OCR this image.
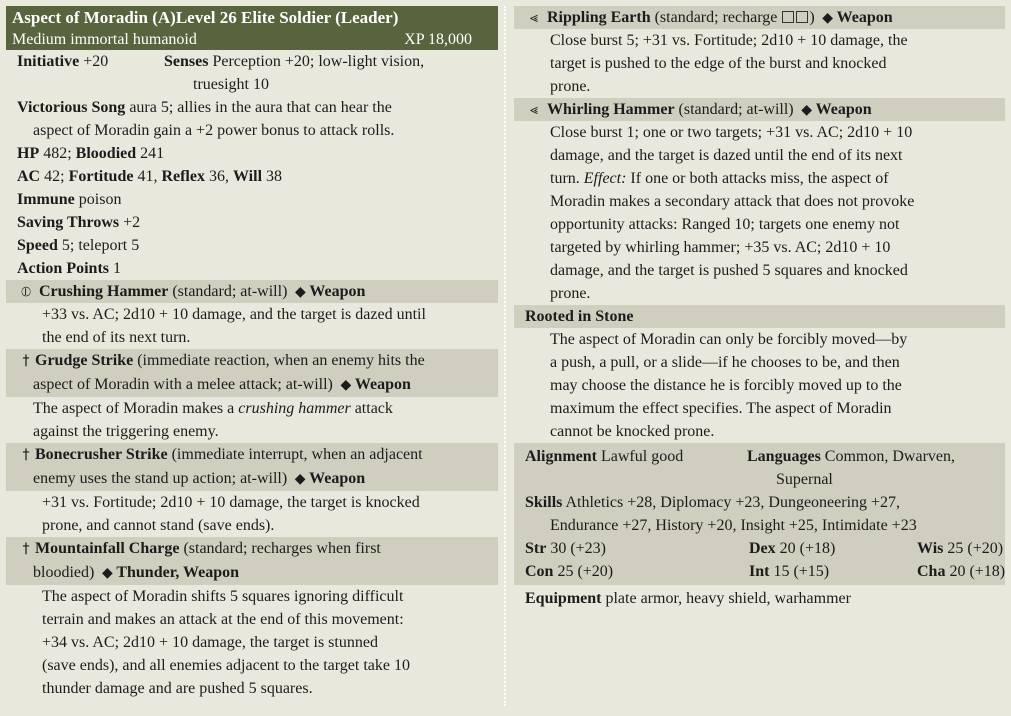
Aspect of Moradin (A)Level 26 Elite Soldier (Leader)
Medium immortal humanoid	XP 18,000
Initiative +20	Senses Perception +20; low-light vision,
truesight 10
Victorious Song aura 5; allies in the aura that can hear the
aspect of Moradin gain a +2 power bonus to attack rolls.
HP 482; Bloodied 241
AC 42; Fortitude 41, Reflex 36, Will 38
Immune poison
Saving Throws +2
Speed 5; teleport 5
Action Points 1
⦶ Crushing Hammer (standard; at-will) ◆ Weapon
+33 vs. AC; 2d10 + 10 damage, and the target is dazed until
the end of its next turn.
† Grudge Strike (immediate reaction, when an enemy hits the
aspect of Moradin with a melee attack; at-will) ◆ Weapon
The aspect of Moradin makes a crushing hammer attack
against the triggering enemy.
† Bonecrusher Strike (immediate interrupt, when an adjacent
enemy uses the stand up action; at-will) ◆ Weapon
+31 vs. Fortitude; 2d10 + 10 damage, the target is knocked
prone, and cannot stand (save ends).
† Mountainfall Charge (standard; recharges when first
bloodied) ◆ Thunder, Weapon
The aspect of Moradin shifts 5 squares ignoring difficult
terrain and makes an attack at the end of this movement:
+34 vs. AC; 2d10 + 10 damage, the target is stunned
(save ends), and all enemies adjacent to the target take 10
thunder damage and are pushed 5 squares.
⪡ Rippling Earth (standard; recharge ) ◆ Weapon
Close burst 5; +31 vs. Fortitude; 2d10 + 10 damage, the
target is pushed to the edge of the burst and knocked
prone.
⪡ Whirling Hammer (standard; at-will) ◆ Weapon
Close burst 1; one or two targets; +31 vs. AC; 2d10 + 10
damage, and the target is dazed until the end of its next
turn. Effect: If one or both attacks miss, the aspect of
Moradin makes a secondary attack that does not provoke
opportunity attacks: Ranged 10; targets one enemy not
targeted by whirling hammer; +35 vs. AC; 2d10 + 10
damage, and the target is pushed 5 squares and knocked
prone.
Rooted in Stone
The aspect of Moradin can only be forcibly moved—by
a push, a pull, or a slide—if he chooses to be, and then
may choose the distance he is forcibly moved up to the
maximum the effect specifies. The aspect of Moradin
cannot be knocked prone.
Alignment Lawful good	Languages Common, Dwarven,
Supernal
Skills Athletics +28, Diplomacy +23, Dungeoneering +27,
Endurance +27, History +20, Insight +25, Intimidate +23
Str 30 (+23)	Dex 20 (+18)	Wis 25 (+20)
Con 25 (+20)	Int 15 (+15)	Cha 20 (+18)
Equipment plate armor, heavy shield, warhammer
